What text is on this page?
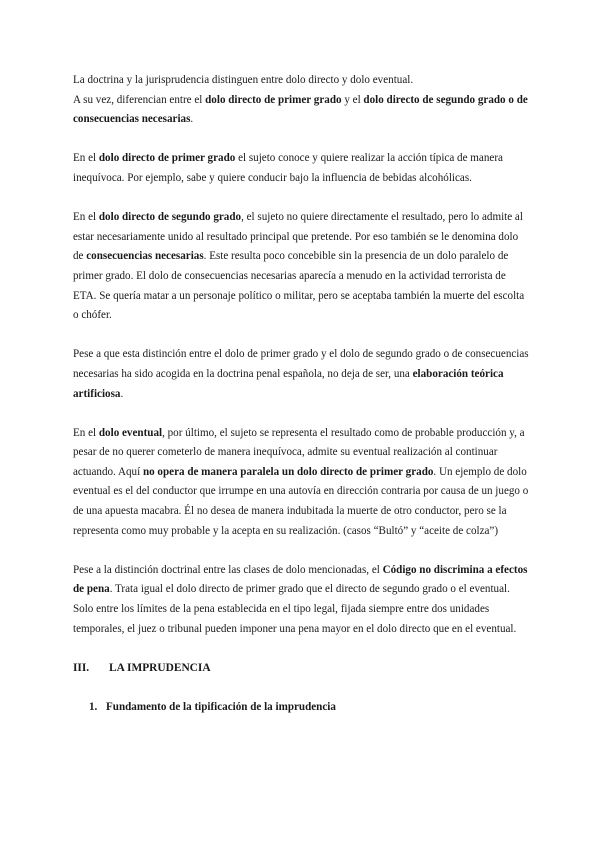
La doctrina y la jurisprudencia distinguen entre dolo directo y dolo eventual.
A su vez, diferencian entre el dolo directo de primer grado y el dolo directo de segundo grado o de consecuencias necesarias.

En el dolo directo de primer grado el sujeto conoce y quiere realizar la acción típica de manera inequívoca. Por ejemplo, sabe y quiere conducir bajo la influencia de bebidas alcohólicas.

En el dolo directo de segundo grado, el sujeto no quiere directamente el resultado, pero lo admite al estar necesariamente unido al resultado principal que pretende. Por eso también se le denomina dolo de consecuencias necesarias. Este resulta poco concebible sin la presencia de un dolo paralelo de primer grado. El dolo de consecuencias necesarias aparecía a menudo en la actividad terrorista de ETA. Se quería matar a un personaje político o militar, pero se aceptaba también la muerte del escolta o chófer.

Pese a que esta distinción entre el dolo de primer grado y el dolo de segundo grado o de consecuencias necesarias ha sido acogida en la doctrina penal española, no deja de ser, una elaboración teórica artificiosa.

En el dolo eventual, por último, el sujeto se representa el resultado como de probable producción y, a pesar de no querer cometerlo de manera inequívoca, admite su eventual realización al continuar actuando. Aquí no opera de manera paralela un dolo directo de primer grado. Un ejemplo de dolo eventual es el del conductor que irrumpe en una autovía en dirección contraria por causa de un juego o de una apuesta macabra. Él no desea de manera indubitada la muerte de otro conductor, pero se la representa como muy probable y la acepta en su realización. (casos “Bultó” y “aceite de colza”)

Pese a la distinción doctrinal entre las clases de dolo mencionadas, el Código no discrimina a efectos de pena. Trata igual el dolo directo de primer grado que el directo de segundo grado o el eventual. Solo entre los límites de la pena establecida en el tipo legal, fijada siempre entre dos unidades temporales, el juez o tribunal pueden imponer una pena mayor en el dolo directo que en el eventual.

III. LA IMPRUDENCIA

1. Fundamento de la tipificación de la imprudencia
